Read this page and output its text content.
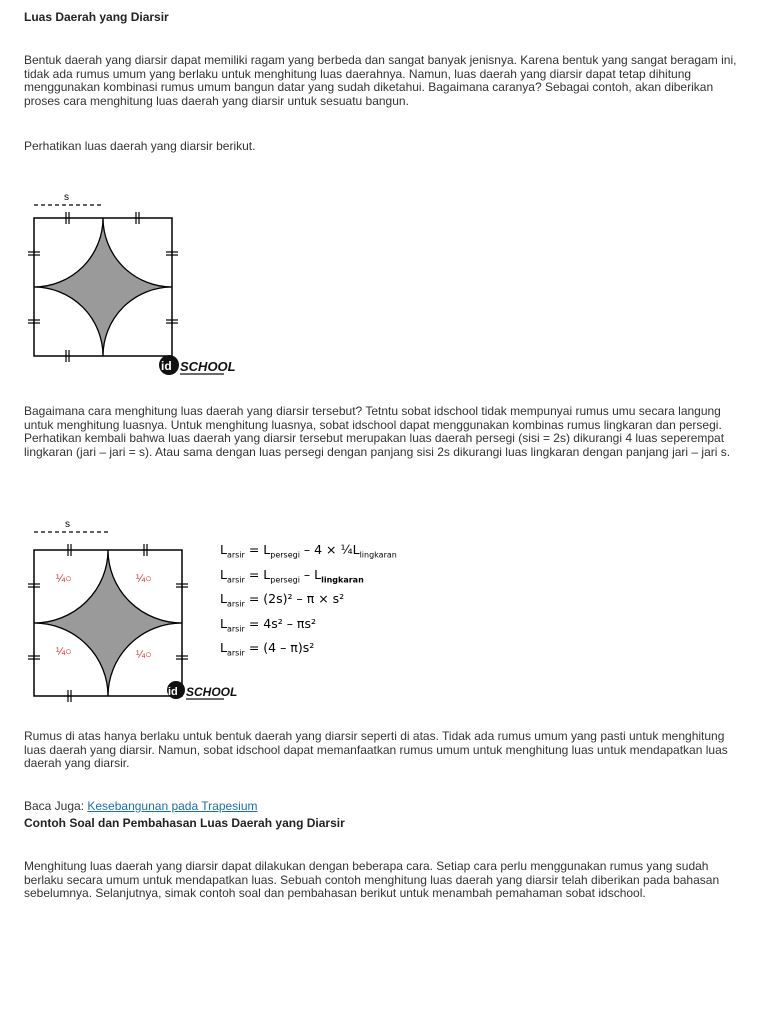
Luas Daerah yang Diarsir

Bentuk daerah yang diarsir dapat memiliki ragam yang berbeda dan sangat banyak jenisnya. Karena bentuk yang sangat beragam ini, tidak ada rumus umum yang berlaku untuk menghitung luas daerahnya. Namun, luas daerah yang diarsir dapat tetap dihitung menggunakan kombinasi rumus umum bangun datar yang sudah diketahui. Bagaimana caranya? Sebagai contoh, akan diberikan proses cara menghitung luas daerah yang diarsir untuk sesuatu bangun.

Perhatikan luas daerah yang diarsir berikut.

s
id SCHOOL

Bagaimana cara menghitung luas daerah yang diarsir tersebut? Tetntu sobat idschool tidak mempunyai rumus umu secara langung untuk menghitung luasnya. Untuk menghitung luasnya, sobat idschool dapat menggunakan kombinas rumus lingkaran dan persegi. Perhatikan kembali bahwa luas daerah yang diarsir tersebut merupakan luas daerah persegi (sisi = 2s) dikurangi 4 luas seperempat lingkaran (jari – jari = s). Atau sama dengan luas persegi dengan panjang sisi 2s dikurangi luas lingkaran dengan panjang jari – jari s.

s
¼○	¼○
¼○	¼○
id SCHOOL
$L_{arsir} = L_{persegi} - 4$ × $\frac{1}{4}L_{lingkaran}$
$L_{arsir} = L_{persegi} - L_{lingkaran}$
$L_{arsir} = (2s)^2 - \pi \times s^2$
$L_{arsir} = 4s^2 - \pi s^2$
$L_{arsir} = (4 - \pi)s^2$

Rumus di atas hanya berlaku untuk bentuk daerah yang diarsir seperti di atas. Tidak ada rumus umum yang pasti untuk menghitung luas daerah yang diarsir. Namun, sobat idschool dapat memanfaatkan rumus umum untuk menghitung luas untuk mendapatkan luas daerah yang diarsir.

Baca Juga: Kesebangunan pada Trapesium
Contoh Soal dan Pembahasan Luas Daerah yang Diarsir

Menghitung luas daerah yang diarsir dapat dilakukan dengan beberapa cara. Setiap cara perlu menggunakan rumus yang sudah berlaku secara umum untuk mendapatkan luas. Sebuah contoh menghitung luas daerah yang diarsir telah diberikan pada bahasan sebelumnya. Selanjutnya, simak contoh soal dan pembahasan berikut untuk menambah pemahaman sobat idschool.
